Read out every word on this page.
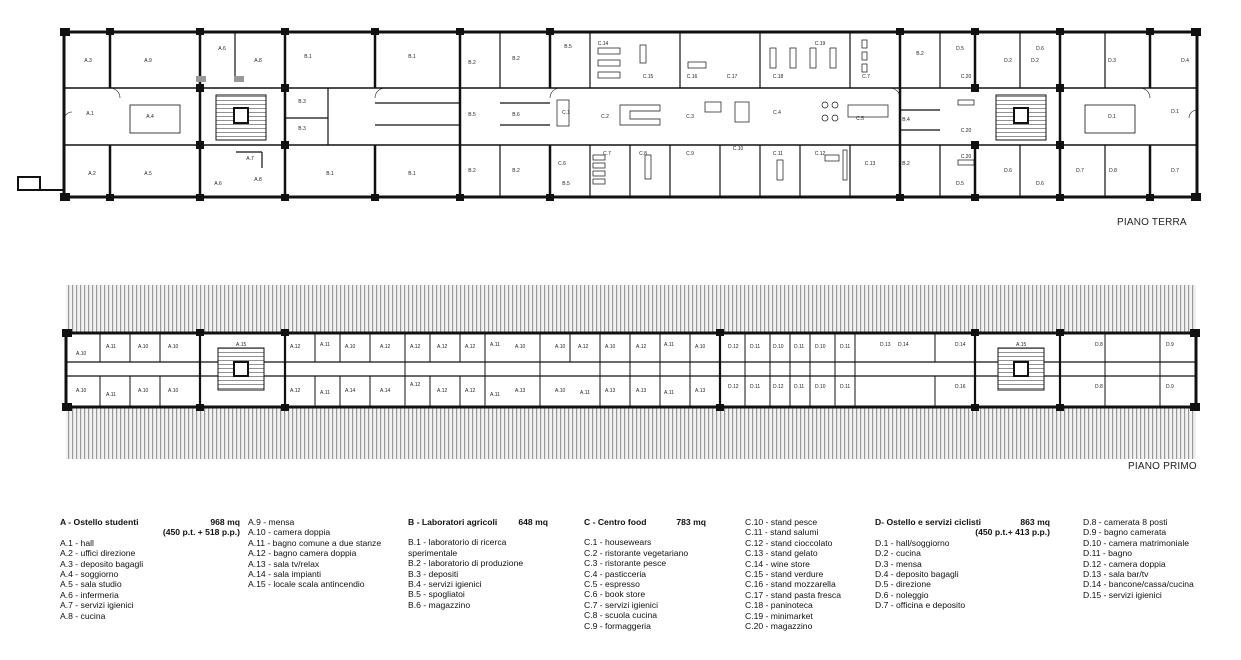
A.3	A.9	A.8
A.6
A.1	A.4
A.2	A.5
A.6
A.7
A.8
B.1	B.1
B.3
B.3
B.1	B.1
B.2
B.2
B.5	B.6
B.2	B.2
B.5
B.5
C.1
C.14
C.15	C.16	C.17	C.18
C.19
C.7
C.2	C.3
C.4
C.5
C.6
C.7	C.8	C.9
C.10
C.11	C.12
C.13
B.2
B.4
B.2
D.5
C.20
C.20
C.20
D.5
D.6
D.2	D.2	D.3	D.4
D.1
D.1
D.6
D.6
D.7	D.8	D.7
A.10
A.11	A.10	A.10
A.10
A.11
A.10	A.10
A.15	A.12	A.11	A.10	A.12
A.12	A.11	A.14	A.14
A.12	A.12	A.12	A.11	A.10
A.12
A.12	A.12
A.11
A.13
A.10	A.12	A.10	A.12	A.11	A.10
A.10	A.11	A.13	A.13	A.11	A.13
D.12 D.11	D.10 D.11 D.10	D.11
D.12 D.11	D.12 D.11 D.10	D.11
D.13 D.14	D.14
D.16
A.15	D.8
D.8
D.9
D.9
PIANO TERRA
PIANO PRIMO
A - Ostello studenti	968 mq
(450 p.t. + 518 p.p.)
A.1 - hall
A.2 - uffici direzione
A.3 - deposito bagagli
A.4 - soggiorno
A.5 - sala studio
A.6 - infermeria
A.7 - servizi igienici
A.8 - cucina
A.9 - mensa
A.10 - camera doppia
A.11 - bagno comune a due stanze
A.12 - bagno camera doppia
A.13 - sala tv/relax
A.14 - sala impianti
A.15 - locale scala antincendio
B - Laboratori agricoli 648 mq
B.1 - laboratorio di ricerca
sperimentale
B.2 - laboratorio di produzione
B.3 - depositi
B.4 - servizi igienici
B.5 - spogliatoi
B.6 - magazzino
C - Centro food	783 mq
C.1 - housewears
C.2 - ristorante vegetariano
C.3 - ristorante pesce
C.4 - pasticceria
C.5 - espresso
C.6 - book store
C.7 - servizi igienici
C.8 - scuola cucina
C.9 - formaggeria
C.10 - stand pesce
C.11 - stand salumi
C.12 - stand cioccolato
C.13 - stand gelato
C.14 - wine store
C.15 - stand verdure
C.16 - stand mozzarella
C.17 - stand pasta fresca
C.18 - paninoteca
C.19 - minimarket
C.20 - magazzino
D- Ostello e servizi ciclisti	863 mq
(450 p.t.+ 413 p.p.)
D.1 - hall/soggiorno
D.2 - cucina
D.3 - mensa
D.4 - deposito bagagli
D.5 - direzione
D.6 - noleggio
D.7 - officina e deposito
D.8 - camerata 8 posti
D.9 - bagno camerata
D.10 - camera matrimoniale
D.11 - bagno
D.12 - camera doppia
D.13 - sala bar/tv
D.14 - bancone/cassa/cucina
D.15 - servizi igienici
